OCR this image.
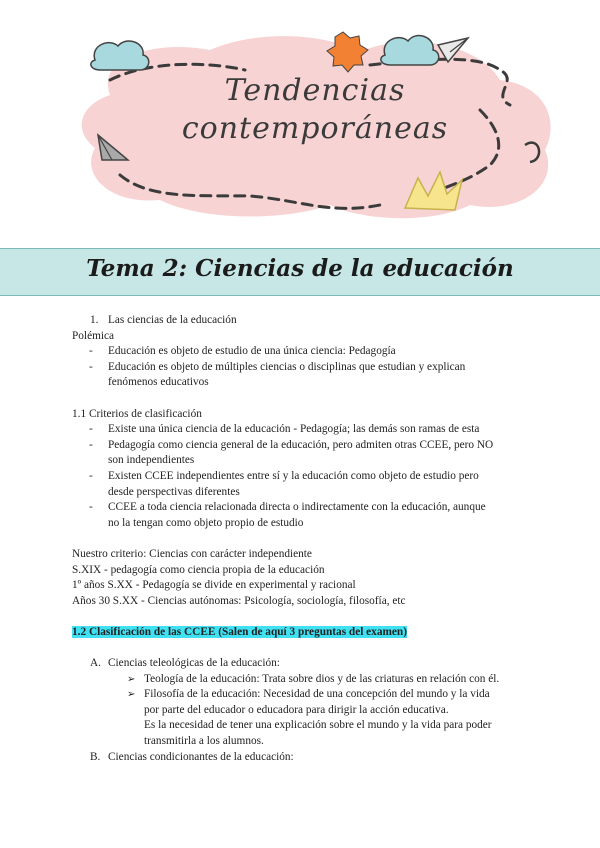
Tendencias
contemporáneas
Tema 2: Ciencias de la educación
1. Las ciencias de la educación
Polémica
- Educación es objeto de estudio de una única ciencia: Pedagogía
- Educación es objeto de múltiples ciencias o disciplinas que estudian y explican
fenómenos educativos
1.1 Criterios de clasificación
- Existe una única ciencia de la educación - Pedagogía; las demás son ramas de esta
- Pedagogía como ciencia general de la educación, pero admiten otras CCEE, pero NO
son independientes
- Existen CCEE independientes entre sí y la educación como objeto de estudio pero
desde perspectivas diferentes
- CCEE a toda ciencia relacionada directa o indirectamente con la educación, aunque
no la tengan como objeto propio de estudio
Nuestro criterio: Ciencias con carácter independiente
S.XIX - pedagogía como ciencia propia de la educación
1º años S.XX - Pedagogía se divide en experimental y racional
Años 30 S.XX - Ciencias autónomas: Psicología, sociología, filosofía, etc
1.2 Clasificación de las CCEE (Salen de aquí 3 preguntas del examen)
A. Ciencias teleológicas de la educación:
➢ Teología de la educación: Trata sobre dios y de las criaturas en relación con él.
➢ Filosofía de la educación: Necesidad de una concepción del mundo y la vida
por parte del educador o educadora para dirigir la acción educativa.
Es la necesidad de tener una explicación sobre el mundo y la vida para poder
transmitirla a los alumnos.
B. Ciencias condicionantes de la educación:
